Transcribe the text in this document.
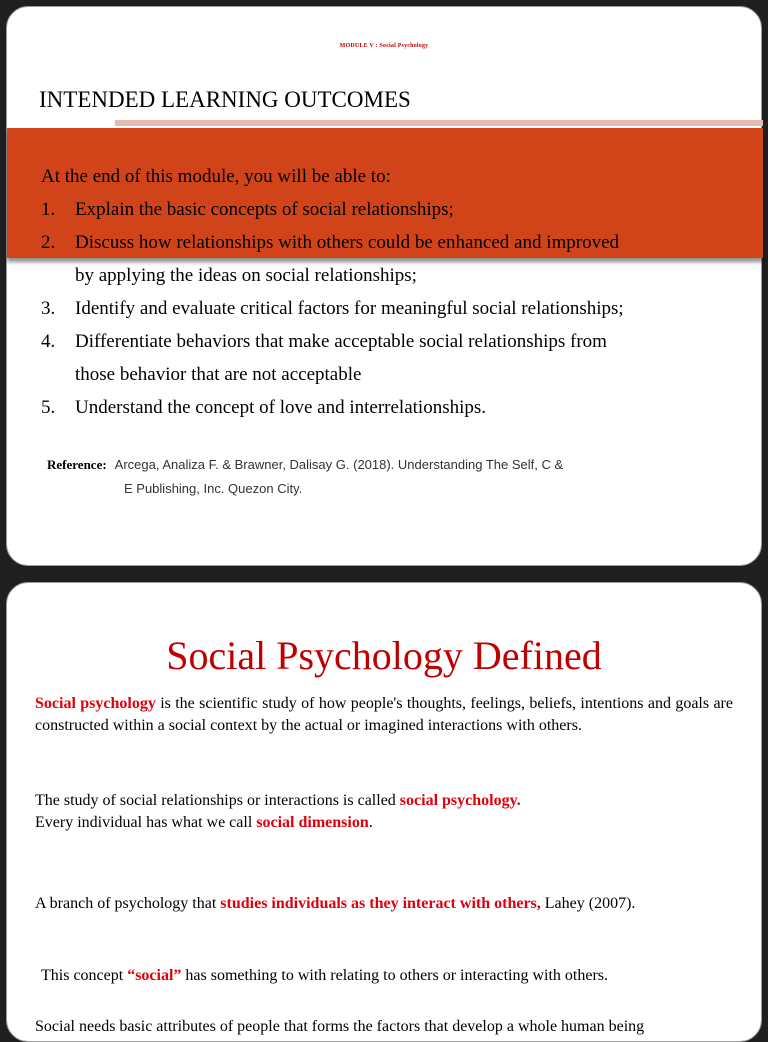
MODULE V : Social Psychology
INTENDED LEARNING OUTCOMES

At the end of this module, you will be able to:

1. Explain the basic concepts of social relationships;
2. Discuss how relationships with others could be enhanced and improved
by applying the ideas on social relationships;
3. Identify and evaluate critical factors for meaningful social relationships;
4. Differentiate behaviors that make acceptable social relationships from
those behavior that are not acceptable
5. Understand the concept of love and interrelationships.
Reference: Arcega, Analiza F. & Brawner, Dalisay G. (2018). Understanding The Self, C &
E Publishing, Inc. Quezon City.
Social Psychology Defined

Social psychology is the scientific study of how people's thoughts, feelings, beliefs, intentions and goals are constructed within a social context by the actual or imagined interactions with others.

The study of social relationships or interactions is called social psychology.

Every individual has what we call social dimension.

A branch of psychology that studies individuals as they interact with others, Lahey (2007).

This concept “social” has something to with relating to others or interacting with others.

Social needs basic attributes of people that forms the factors that develop a whole human being
